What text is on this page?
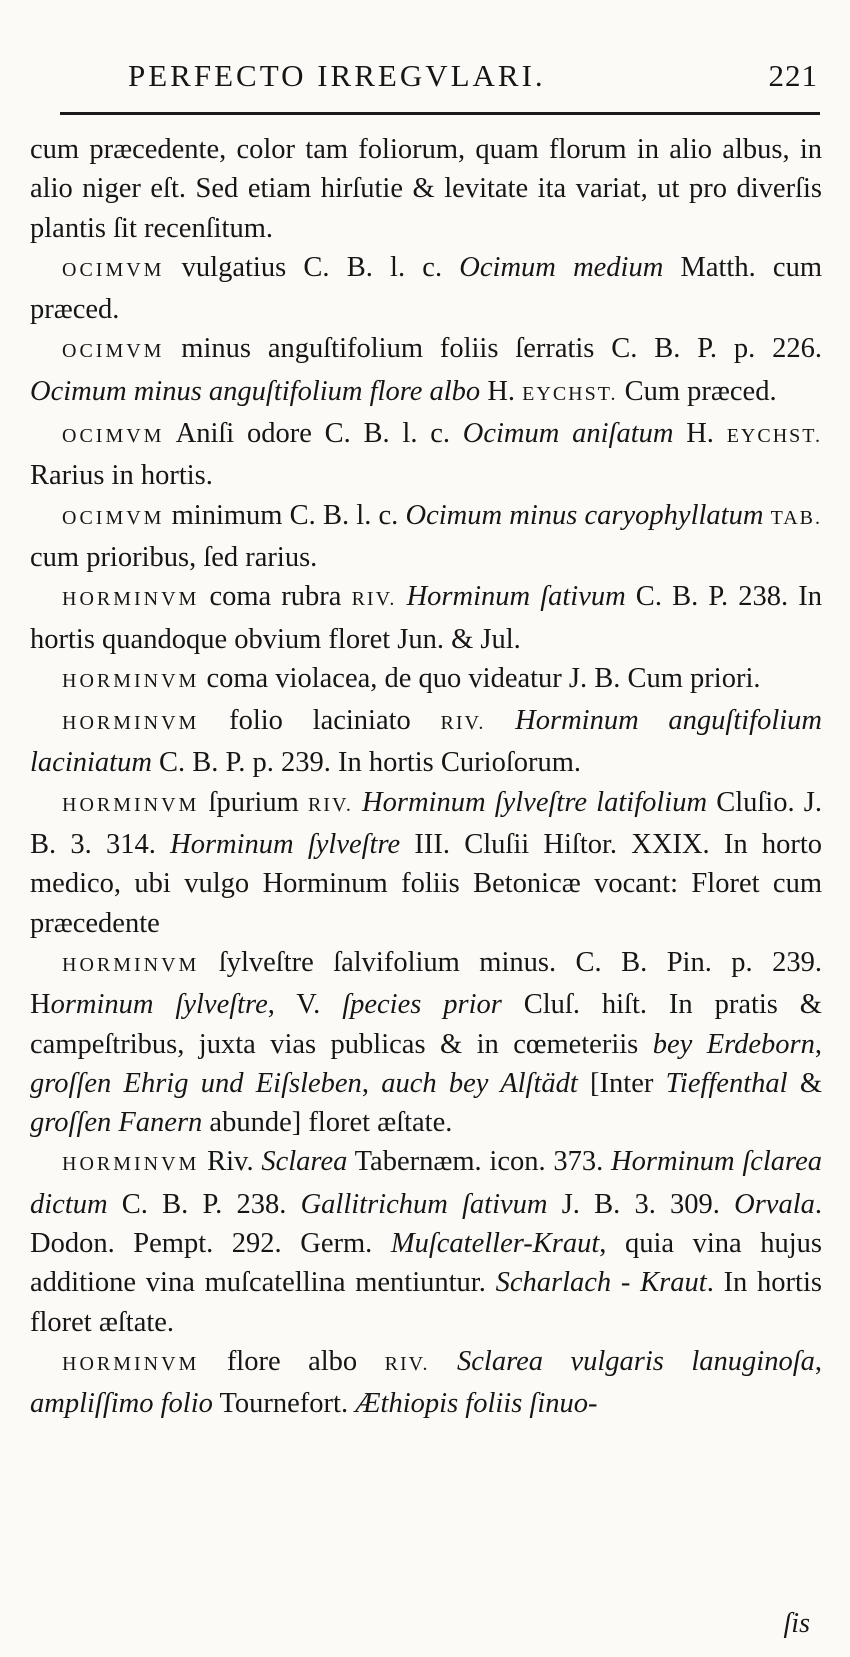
PERFECTO IRREGVLARI.	221

cum præcedente, color tam foliorum, quam florum in alio albus, in alio niger eſt. Sed etiam hirſutie & levitate ita variat, ut pro diverſis plantis ſit recenſitum.

OCIMVM vulgatius C. B. l. c. Ocimum medium Matth. cum præced.

OCIMVM minus anguſtifolium foliis ſerratis C. B. P. p. 226. Ocimum minus anguſtifolium flore albo H. EYCHST. Cum præced.

OCIMVM Aniſi odore C. B. l. c. Ocimum aniſatum H. EYCHST. Rarius in hortis.

OCIMVM minimum C. B. l. c. Ocimum minus caryophyllatum TAB. cum prioribus, ſed rarius.

HORMINVM coma rubra RIV. Horminum ſativum C. B. P. 238. In hortis quandoque obvium floret Jun. & Jul.

HORMINVM coma violacea, de quo videatur J. B. Cum priori.

HORMINVM folio laciniato RIV. Horminum anguſtifolium laciniatum C. B. P. p. 239. In hortis Curioſorum.

HORMINVM ſpurium RIV. Horminum ſylveſtre latifolium Cluſio. J. B. 3. 314. Horminum ſylveſtre III. Cluſii Hiſtor. XXIX. In horto medico, ubi vulgo Horminum foliis Betonicæ vocant: Floret cum præcedente

HORMINVM ſylveſtre ſalvifolium minus. C. B. Pin. p. 239. Horminum ſylveſtre, V. ſpecies prior Cluſ. hiſt. In pratis & campeſtribus, juxta vias publicas & in cœmeteriis bey Erdeborn, groſſen Ehrig und Eiſsleben, auch bey Alſtädt [Inter Tieffenthal & groſſen Fanern abunde] floret æſtate.

HORMINVM Riv. Sclarea Tabernæm. icon. 373. Horminum ſclarea dictum C. B. P. 238. Gallitrichum ſativum J. B. 3. 309. Orvala. Dodon. Pempt. 292. Germ. Muſcateller-Kraut, quia vina hujus additione vina muſcatellina mentiuntur. Scharlach - Kraut. In hortis floret æſtate.

HORMINVM flore albo RIV. Sclarea vulgaris lanuginoſa, ampliſſimo folio Tournefort. Æthiopis foliis ſinuo-

ſis
